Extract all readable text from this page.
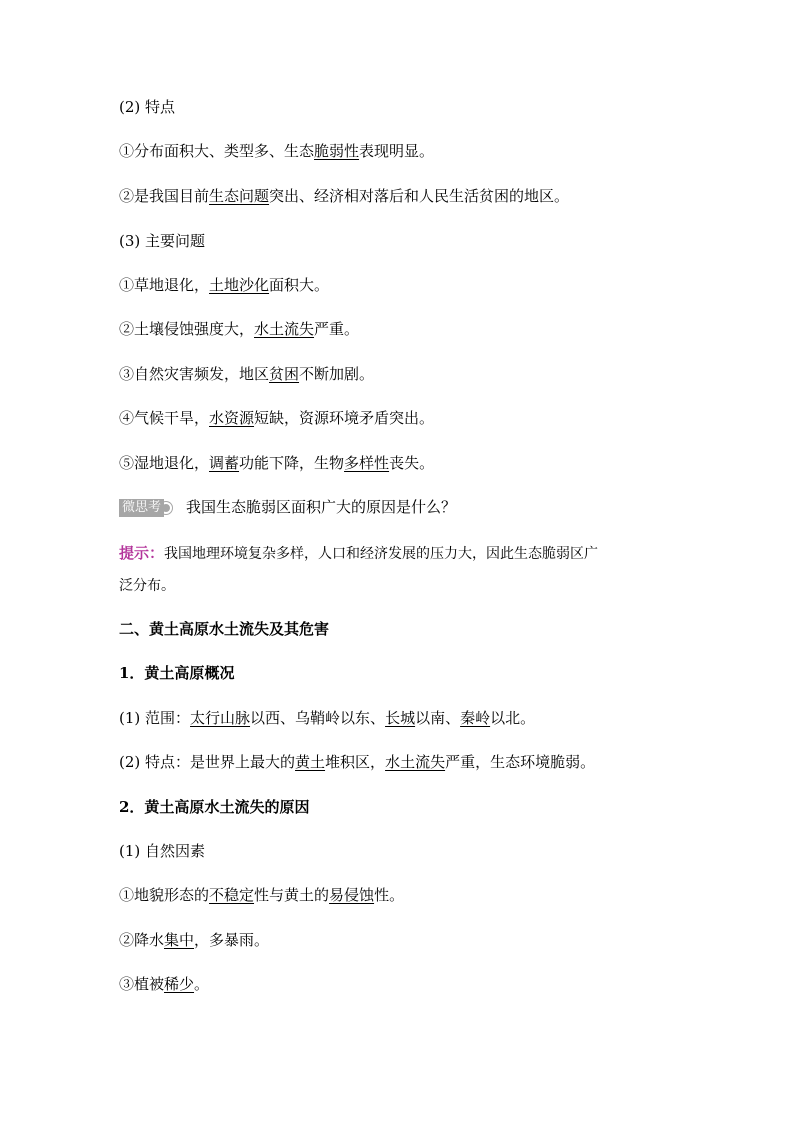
(2) 特点
①分布面积大、类型多、生态脆弱性表现明显。
②是我国目前生态问题突出、经济相对落后和人民生活贫困的地区。
(3) 主要问题
①草地退化，土地沙化面积大。
②土壤侵蚀强度大，水土流失严重。
③自然灾害频发，地区贫困不断加剧。
④气候干旱，水资源短缺，资源环境矛盾突出。
⑤湿地退化，调蓄功能下降，生物多样性丧失。
微思考 我国生态脆弱区面积广大的原因是什么？
提示：我国地理环境复杂多样，人口和经济发展的压力大，因此生态脆弱区广
泛分布。
二、黄土高原水土流失及其危害
1．黄土高原概况
(1) 范围：太行山脉以西、乌鞘岭以东、长城以南、秦岭以北。
(2) 特点：是世界上最大的黄土堆积区，水土流失严重，生态环境脆弱。
2．黄土高原水土流失的原因
(1) 自然因素
①地貌形态的不稳定性与黄土的易侵蚀性。
②降水集中，多暴雨。
③植被稀少。
